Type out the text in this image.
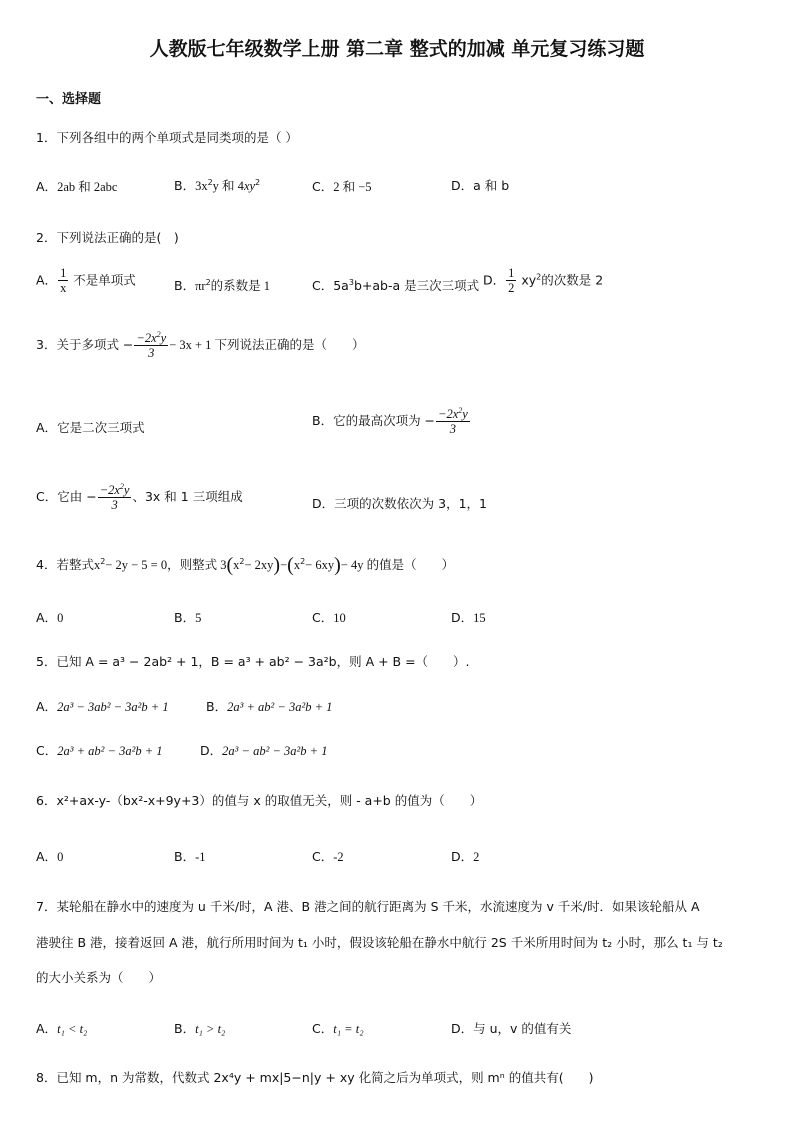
人教版七年级数学上册 第二章 整式的加减 单元复习练习题
一、选择题
1．下列各组中的两个单项式是同类项的是（ ）
A．2ab 和 2abc	B．$3x^2y$ 和 $4xy^2$	C．2 和 −5	D．a 和 b
2．下列说法正确的是(　)
A． $\frac{1}{x}$ 不是单项式	B．$\pi r^2$的系数是 1	C．$5a^3b+ab-a$ 是三次三项式 D． $\frac{1}{2} xy^2$的次数是 2
3．关于多项式 − $\frac{-2x^2y}{3} - 3x + 1$ 下列说法正确的是（　　）
A．它是二次三项式	B．它的最高次项为 − $\frac{-2x^2y}{3}$
C．它由 − $\frac{-2x^2y}{3}$ 、3x 和 1 三项组成	D．三项的次数依次为 3，1，1
4．若整式$x^2- 2y - 5 = 0$，则整式 $3(x^2- 2xy)-(x^2- 6xy)- 4y$ 的值是（　　）
A．0	B．5	C．10	D．15
5．已知 A = a³ − 2ab² + 1，B = a³ + ab² − 3a²b，则 A + B =（　　）.
A．2a³ − 3ab² − 3a²b + 1	B．2a³ + ab² − 3a²b + 1
C．2a³ + ab² − 3a²b + 1	D．2a³ − ab² − 3a²b + 1
6．x²+ax-y-（bx²-x+9y+3）的值与 x 的取值无关，则 - a+b 的值为（　　）
A．0	B．-1	C．-2	D．2
7．某轮船在静水中的速度为 u 千米/时，A 港、B 港之间的航行距离为 S 千米，水流速度为 v 千米/时．如果该轮船从 A
港驶往 B 港，接着返回 A 港，航行所用时间为 t₁ 小时，假设该轮船在静水中航行 2S 千米所用时间为 t₂ 小时，那么 t₁ 与 t₂
的大小关系为（　　）
A．t₁ < t₂	B．t₁ > t₂	C．t₁ = t₂	D．与 u，v 的值有关
8．已知 m，n 为常数，代数式 2x⁴y + mx|5−n|y + xy 化简之后为单项式，则 mⁿ 的值共有(　　)
